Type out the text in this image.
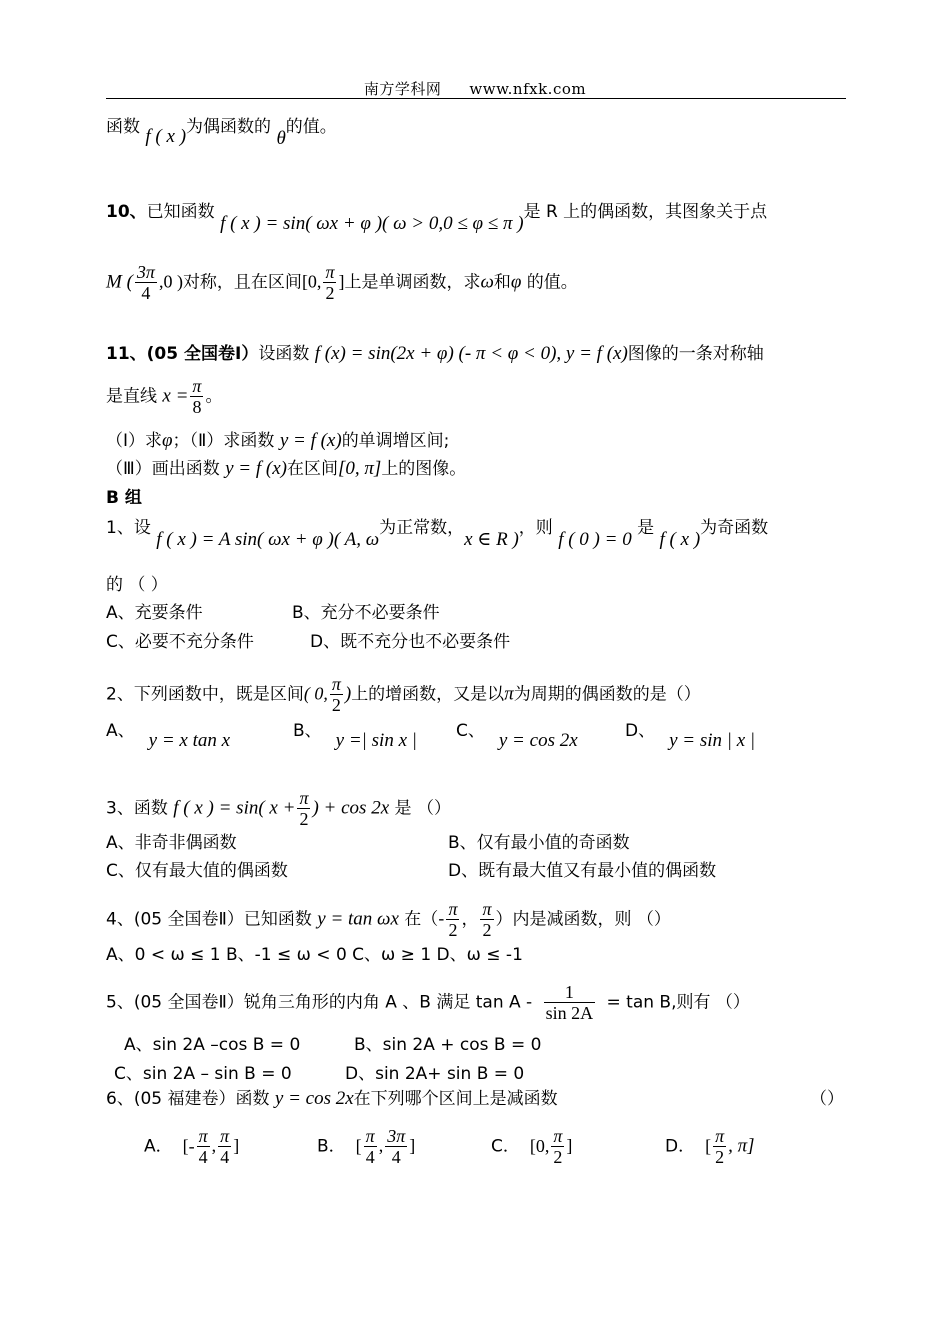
南方学科网 www.nfxk.com
函数 f ( x )为偶函数的 θ的值。
10、已知函数 f ( x ) = sin( ωx + φ )( ω > 0,0 ≤ φ ≤ π )是 R 上的偶函数，其图象关于点
M ( $\frac{3\pi}{4} ,0$ )对称，且在区间[0, $\frac{\pi}{2}$ ]上是单调函数，求ω和φ 的值。
11、(05 全国卷Ⅰ）设函数 f (x) = sin(2x + φ) (- π < φ < 0), y = f (x)图像的一条对称轴
是直线 $x = \frac{\pi}{8}$ 。
（Ⅰ）求φ；（Ⅱ）求函数 y = f (x)的单调增区间;
（Ⅲ）画出函数 y = f (x)在区间[0, π]上的图像。
B 组
1、设 f ( x ) = A sin( ωx + φ )( A, ω为正常数，x ∈ R )，则 f ( 0 ) = 0 是 f ( x )为奇函数
的 （ ）
A、充要条件	B、充分不必要条件
C、必要不充分条件	D、既不充分也不必要条件
2、下列函数中，既是区间( 0, $\frac{\pi}{2}$ )上的增函数，又是以π为周期的偶函数的是（）
A、 y = x tan x	B、 y =| sin x | C、 y = cos 2x	D、 y = sin | x |
3、函数 f ( x ) = sin( $x + \frac{\pi}{2}$ ) + cos 2x 是 （）
A、非奇非偶函数	B、仅有最小值的奇函数
C、仅有最大值的偶函数	D、既有最大值又有最小值的偶函数
4、(05 全国卷Ⅱ）已知函数 y = tan ωx 在（- $\frac{\pi}{2}$ ， $\frac{\pi}{2}$ ）内是减函数，则 （）
A、0 < ω ≤ 1 B、-1 ≤ ω < 0 C、ω ≥ 1 D、ω ≤ -1
5、(05 全国卷Ⅱ）锐角三角形的内角 A 、B 满足 $\tan A - \frac{1}{\sin 2A} = \tan B$,则有 （）
A、sin 2A –cos B = 0	B、sin 2A + cos B = 0
C、sin 2A – sin B = 0	D、sin 2A+ sin B = 0
6、(05 福建卷）函数 y = cos 2x在下列哪个区间上是减函数	（）
A． [- $\frac{\pi}{4}$ , $\frac{\pi}{4}$ ]	B． [ $\frac{\pi}{4}$ , $\frac{3\pi}{4}$ ]	C． [0, $\frac{\pi}{2}$ ]	D． [ $\frac{\pi}{2}$ , π]
